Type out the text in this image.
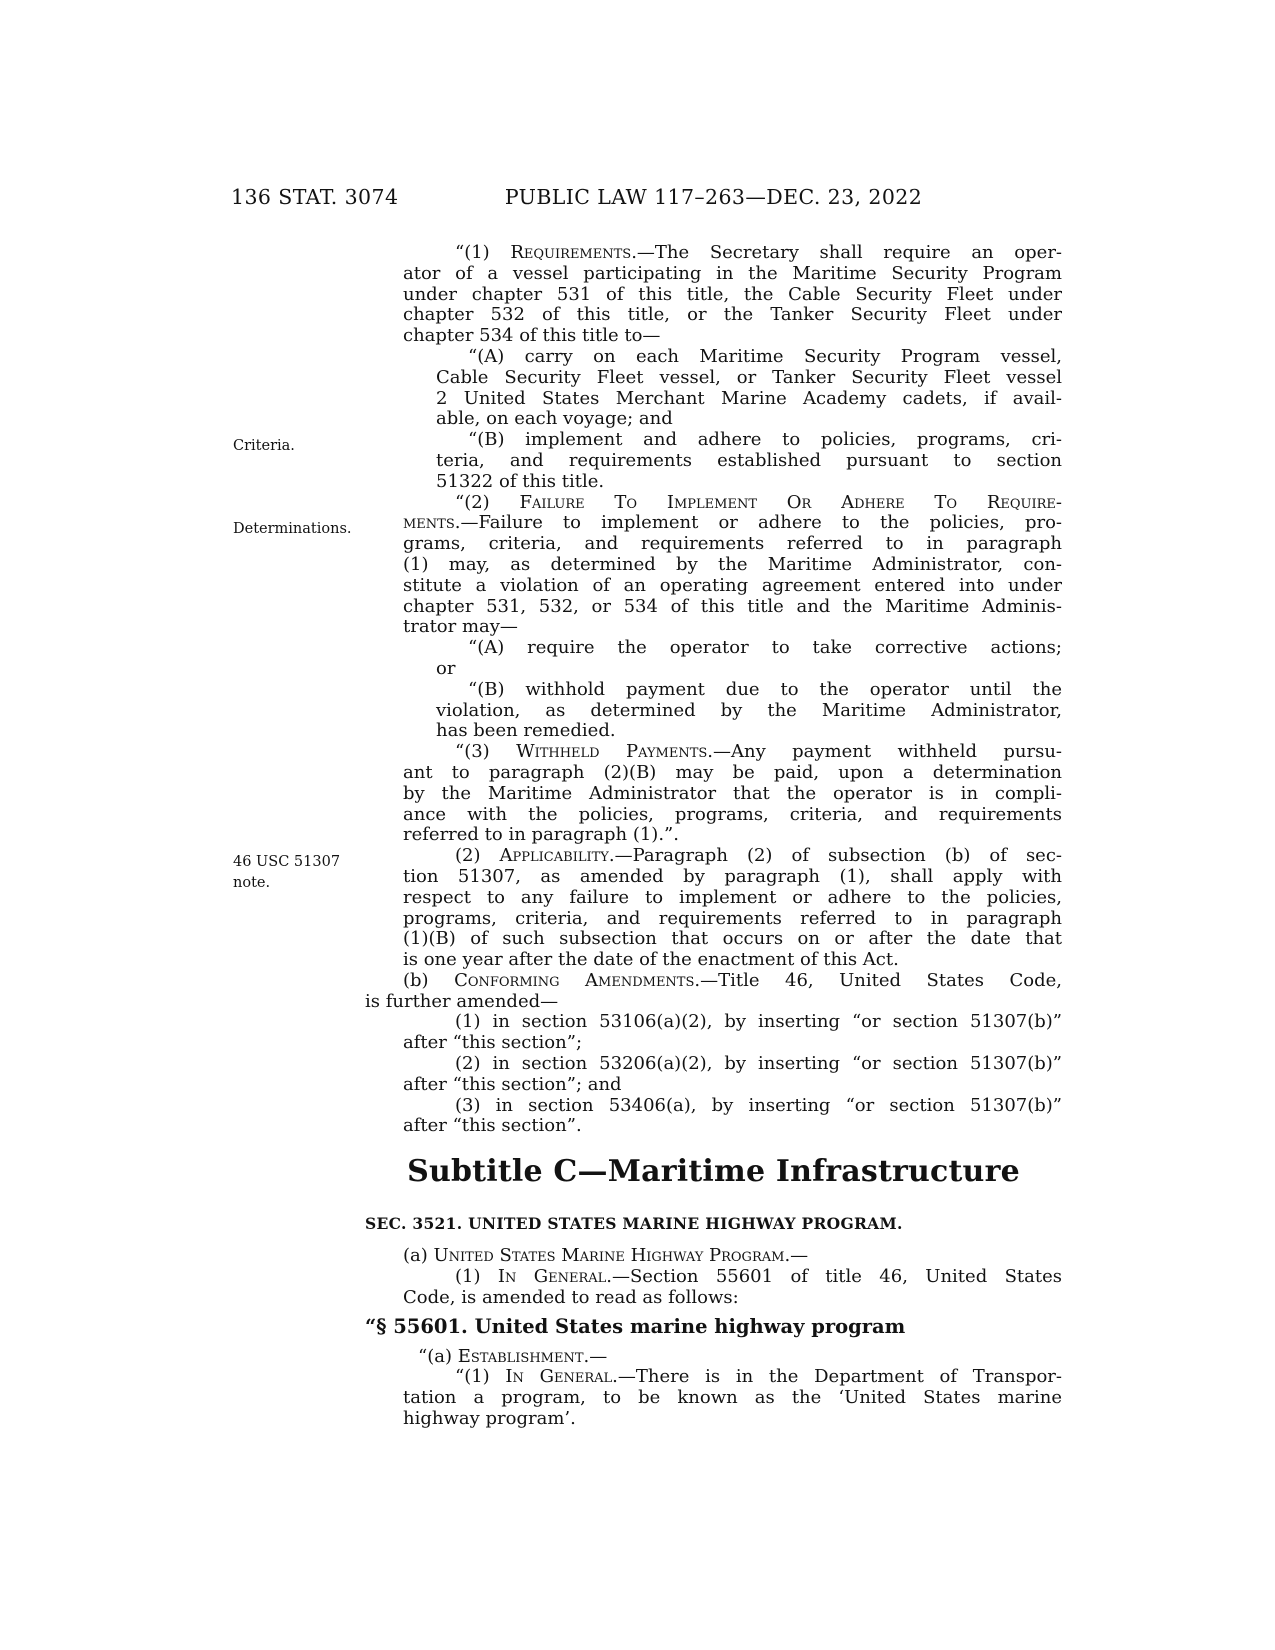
136 STAT. 3074	PUBLIC LAW 117–263—DEC. 23, 2022
Criteria.
Determinations.
46 USC 51307 note.
“(1) Requirements.—The Secretary shall require an oper-
ator of a vessel participating in the Maritime Security Program
under chapter 531 of this title, the Cable Security Fleet under
chapter 532 of this title, or the Tanker Security Fleet under
chapter 534 of this title to—
“(A) carry on each Maritime Security Program vessel,
Cable Security Fleet vessel, or Tanker Security Fleet vessel
2 United States Merchant Marine Academy cadets, if avail-
able, on each voyage; and
“(B) implement and adhere to policies, programs, cri-
teria, and requirements established pursuant to section
51322 of this title.
“(2) Failure To Implement Or Adhere To Require-
ments.—Failure to implement or adhere to the policies, pro-
grams, criteria, and requirements referred to in paragraph
(1) may, as determined by the Maritime Administrator, con-
stitute a violation of an operating agreement entered into under
chapter 531, 532, or 534 of this title and the Maritime Adminis-
trator may—
“(A) require the operator to take corrective actions;
or
“(B) withhold payment due to the operator until the
violation, as determined by the Maritime Administrator,
has been remedied.
“(3) Withheld Payments.—Any payment withheld pursu-
ant to paragraph (2)(B) may be paid, upon a determination
by the Maritime Administrator that the operator is in compli-
ance with the policies, programs, criteria, and requirements
referred to in paragraph (1).”.
(2) Applicability.—Paragraph (2) of subsection (b) of sec-
tion 51307, as amended by paragraph (1), shall apply with
respect to any failure to implement or adhere to the policies,
programs, criteria, and requirements referred to in paragraph
(1)(B) of such subsection that occurs on or after the date that
is one year after the date of the enactment of this Act.
(b) Conforming Amendments.—Title 46, United States Code,
is further amended—
(1) in section 53106(a)(2), by inserting “or section 51307(b)”
after “this section”;
(2) in section 53206(a)(2), by inserting “or section 51307(b)”
after “this section”; and
(3) in section 53406(a), by inserting “or section 51307(b)”
after “this section”.
Subtitle C—Maritime Infrastructure
SEC. 3521. UNITED STATES MARINE HIGHWAY PROGRAM.
(a) United States Marine Highway Program.—
(1) In General.—Section 55601 of title 46, United States
Code, is amended to read as follows:
“§ 55601. United States marine highway program
“(a) Establishment.—
“(1) In General.—There is in the Department of Transpor-
tation a program, to be known as the ‘United States marine
highway program’.
